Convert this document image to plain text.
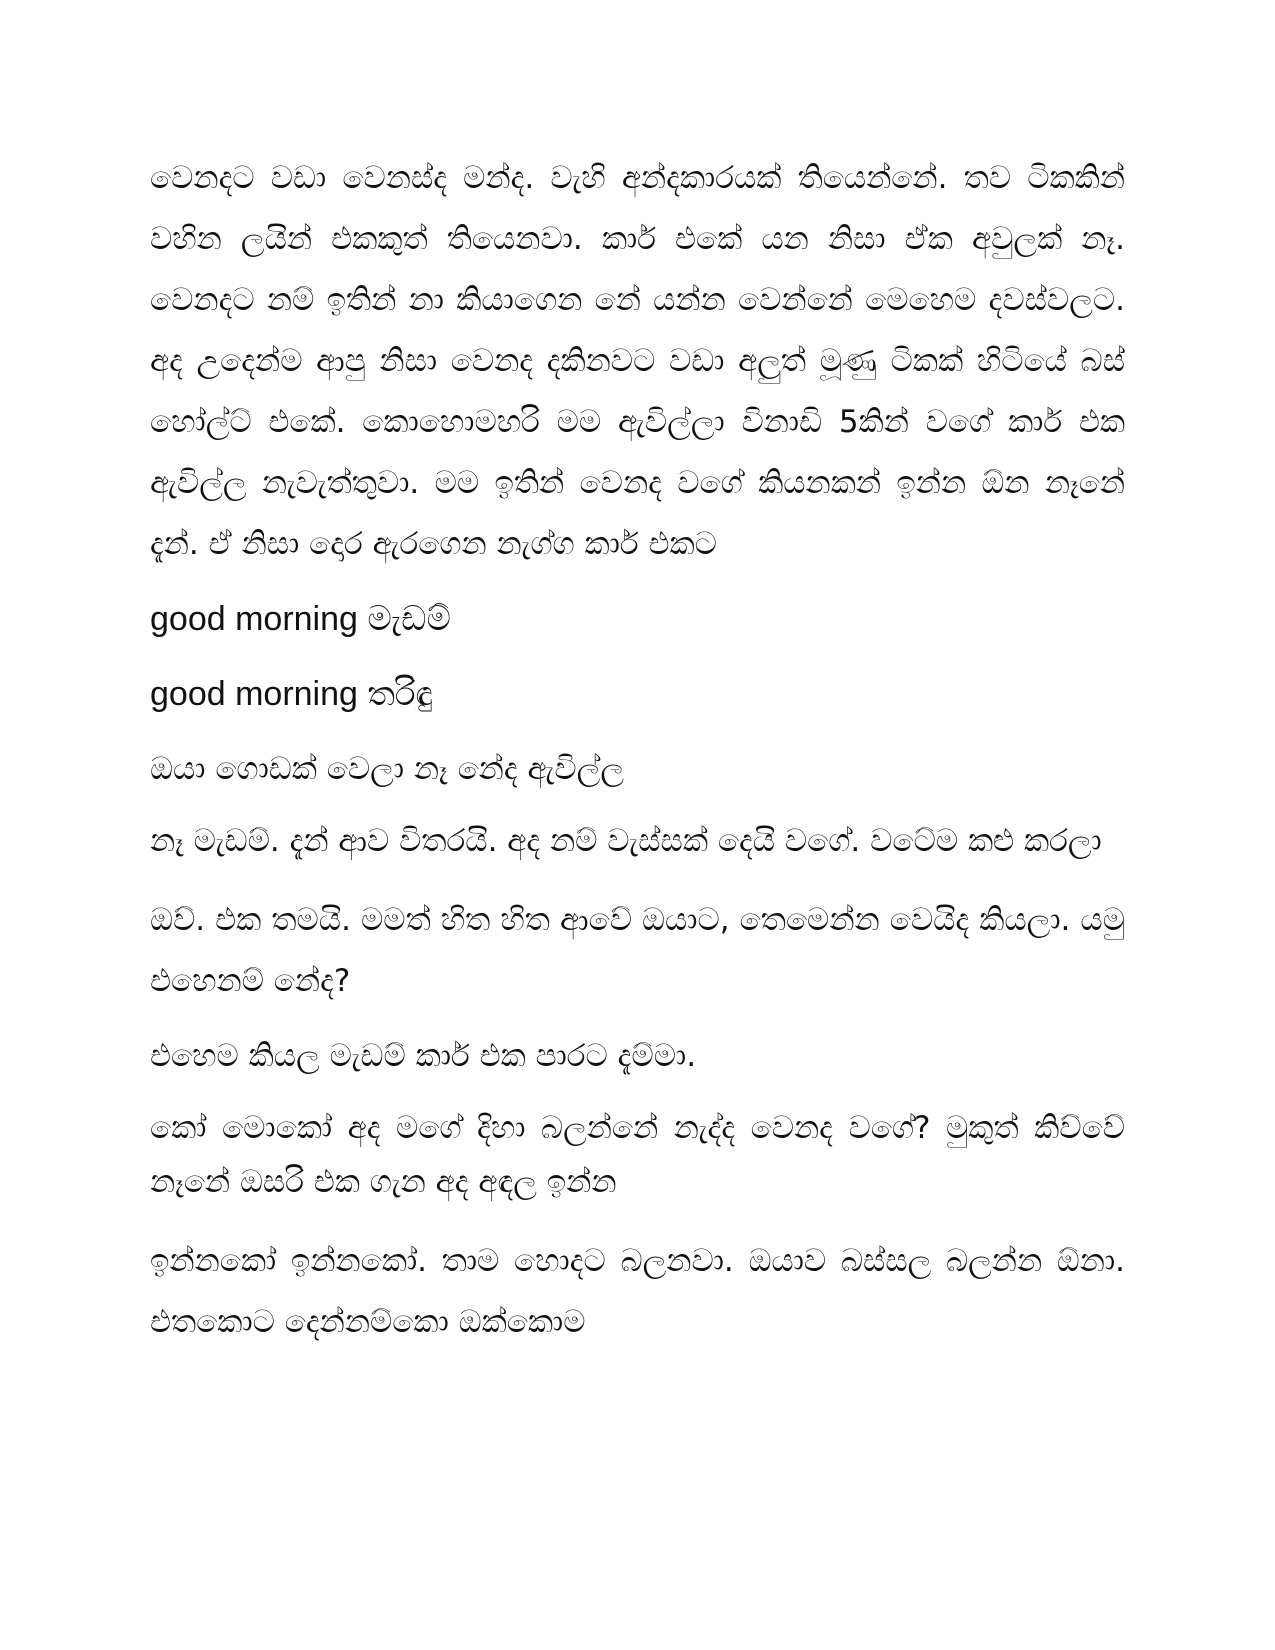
වෙනදට වඩා වෙනස්ද මන්ද. වැහි අන්දකාරයක් තියෙන්නේ. තව ටිකකින් වහින ලයින් එකකුත් තියෙනවා. කාර් එකේ යන නිසා ඒක අවුලක් නෑ. වෙනදට නම් ඉතින් නා කියාගෙන නේ යන්න වෙන්නේ මෙහෙම දවස්වලට. අද උදෙන්ම ආපු නිසා වෙනද දකිනවට වඩා අලුත් මූණු ටිකක් හිටියේ බස් හෝල්ට් එකේ. කොහොමහරි මම ඇවිල්ලා විනාඩි 5කින් වගේ කාර් එක ඇවිල්ල නැවැත්තුවා. මම ඉතින් වෙනද වගේ කියනකන් ඉන්න ඕන නෑනේ දැන්. ඒ නිසා දොර ඇරගෙන නැග්ග කාර් එකට

good morning මැඩම්

good morning තරිඳු

ඔයා ගොඩක් වෙලා නෑ නේද ඇවිල්ල

නෑ මැඩම්. දැන් ආව විතරයි. අද නම් වැස්සක් දෙයි වගේ. වටේම කළු කරලා

ඔව්. එක තමයි. මමත් හිත හිත ආවේ ඔයාට, තෙමෙන්න වෙයිද කියලා. යමු එහෙනම් නේද?

එහෙම කියල මැඩම් කාර් එක පාරට දැම්මා.

කෝ මොකෝ අද මගේ දිහා බලන්නේ නැද්ද වෙනද වගේ? මුකුත් කිව්වේ නෑනේ ඔසරි එක ගැන අද අඳල ඉන්න

ඉන්නකෝ ඉන්නකෝ. තාම හොදට බලනවා. ඔයාව බස්සල බලන්න ඕනා. එතකොට දෙන්නම්කො ඔක්කොම
